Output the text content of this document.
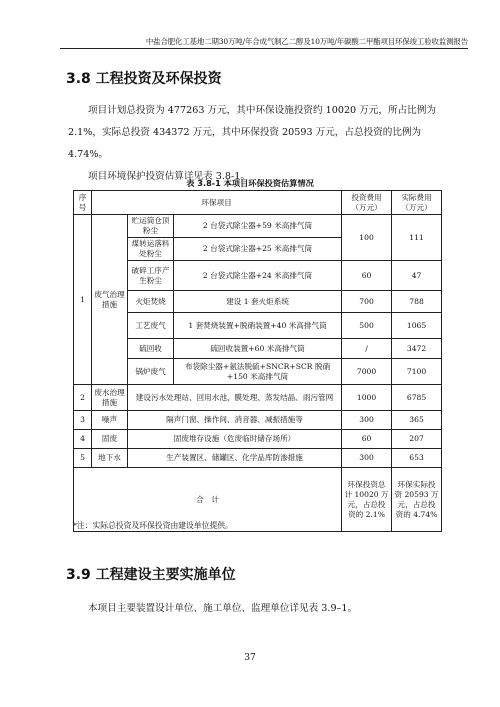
中盐合肥化工基地二期30万吨/年合成气制乙二醇及10万吨/年碳酸二甲酯项目环保竣工验收监测报告
3.8 工程投资及环保投资

项目计划总投资为 477263 万元，其中环保设施投资约 10020 万元，所占比例为 2.1%，实际总投资 434372 万元，其中环保投资 20593 万元，占总投资的比例为 4.74%。

项目环境保护投资估算详见表 3.8-1。

表 3.8-1 本项目环保投资估算情况
序号	环保项目			投资费用（万元）	实际费用（万元）
1	废气治理措施	贮运筒仓顶粉尘	2 台袋式除尘器+59 米高排气筒	100	111
		煤转运落料处粉尘	2 台袋式除尘器+25 米高排气筒		
		破碎工序产生粉尘	2 台袋式除尘器+24 米高排气筒	60	47
		火炬焚烧	建设 1 套火炬系统	700	788
		工艺废气	1 套焚烧装置+脱硝装置+40 米高排气筒	500	1065
		硫回收	硫回收装置+60 米高排气筒	/	3472
		锅炉废气	布袋除尘器+氨法脱硫+SNCR+SCR 脱硝+150 米高排气筒	7000	7100
2	废水治理措施	建设污水处理站、回用水池、膜处理、蒸发结晶、雨污管网		1000	6785
3	噪声	隔声门窗、操作间、消音器、减振措施等		300	365
4	固废	固废堆存设施（危废临时储存场所）		60	207
5	地下水	生产装置区、储罐区、化学品库防渗措施		300	653
合　计				环保投资总计 10020 万元，占总投资的 2.1%	环保实际投资 20593 万元，占总投资的 4.74%
*注：实际总投资及环保投资由建设单位提供。
3.9 工程建设主要实施单位

本项目主要装置设计单位、施工单位、监理单位详见表 3.9–1。

37
